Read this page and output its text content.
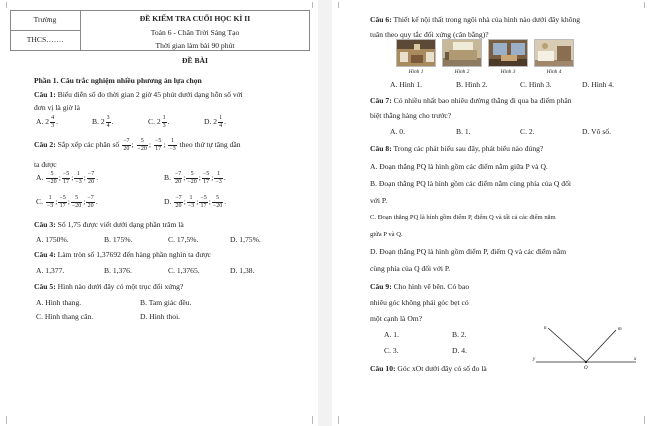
Trường
THCS…….
ĐỀ KIỂM TRA CUỐI HỌC KÌ II
Toán 6 - Chân Trời Sáng Tạo
Thời gian làm bài 90 phút
ĐỀ BÀI
Phần 1. Câu trắc nghiệm nhiều phương án lựa chọn
Câu 1: Biểu diễn số đo thời gian 2 giờ 45 phút dưới dạng hỗn số với
đơn vị là giờ là
A. $2 \frac{4}{3}$ .	B. $2 \frac{3}{4}$ .	C. $2 \frac{1}{3}$ .	D. $2 \frac{1}{4}$ .
Câu 2: Sắp xếp các phân số $\frac{-7}{20}$ ; $\frac{5}{-20}$ ; $\frac{-5}{17}$ ; $\frac{1}{-3}$ theo thứ tự tăng dần
ta được
A. $\frac{5}{-20}$ ; $\frac{-5}{17}$ ; $\frac{1}{-3}$ ; $\frac{-7}{20}$ .	B. $\frac{-7}{20}$ ; $\frac{5}{-20}$ ; $\frac{-5}{17}$ ; $\frac{1}{-3}$ .
C. $\frac{1}{-3}$ ; $\frac{-5}{17}$ ; $\frac{5}{-20}$ ; $\frac{-7}{20}$ .	D. $\frac{-7}{20}$ ; $\frac{1}{-3}$ ; $\frac{-5}{17}$ ; $\frac{5}{-20}$ .
Câu 3: Số 1,75 được viết dưới dạng phần trăm là
A. 1750%.	B. 175%.	C. 17,5%.	D. 1,75%.
Câu 4: Làm tròn số 1,37692 đến hàng phần nghìn ta được
A. 1,377.	B. 1,376.	C. 1,3765.	D. 1,38.
Câu 5: Hình nào dưới đây có một trục đối xứng?
A. Hình thang.	B. Tam giác đều.
C. Hình thang cân.	D. Hình thoi.
Câu 6: Thiết kế nội thất trong ngôi nhà của hình nào dưới đây không
tuân theo quy tắc đối xứng (cân bằng)?
Hình 1	Hình 2	Hình 3	Hình 4
A. Hình 1.	B. Hình 2.	C. Hình 3.	D. Hình 4.
Câu 7: Có nhiều nhất bao nhiêu đường thẳng đi qua ba điểm phân
biệt thẳng hàng cho trước?
A. 0.	B. 1.	C. 2.	D. Vô số.
Câu 8: Trong các phát biểu sau đây, phát biểu nào đúng?
A. Đoạn thẳng PQ là hình gồm các điểm nằm giữa P và Q.
B. Đoạn thẳng PQ là hình gồm các điểm nằm cùng phía của Q đối
với P.
C. Đoạn thẳng PQ là hình gồm điểm P, điểm Q và tất cả các điểm nằm
giữa P và Q.
D. Đoạn thẳng PQ là hình gồm điểm P, điểm Q và các điểm nằm
cùng phía của Q đối với P.
Câu 9: Cho hình vẽ bên. Có bao
nhiêu góc không phải góc bẹt có
một cạnh là Om?
A. 1.	B. 2.
C. 3.	D. 4.
Câu 10: Góc xOt dưới đây có số đo là
n	m
y
O
x
